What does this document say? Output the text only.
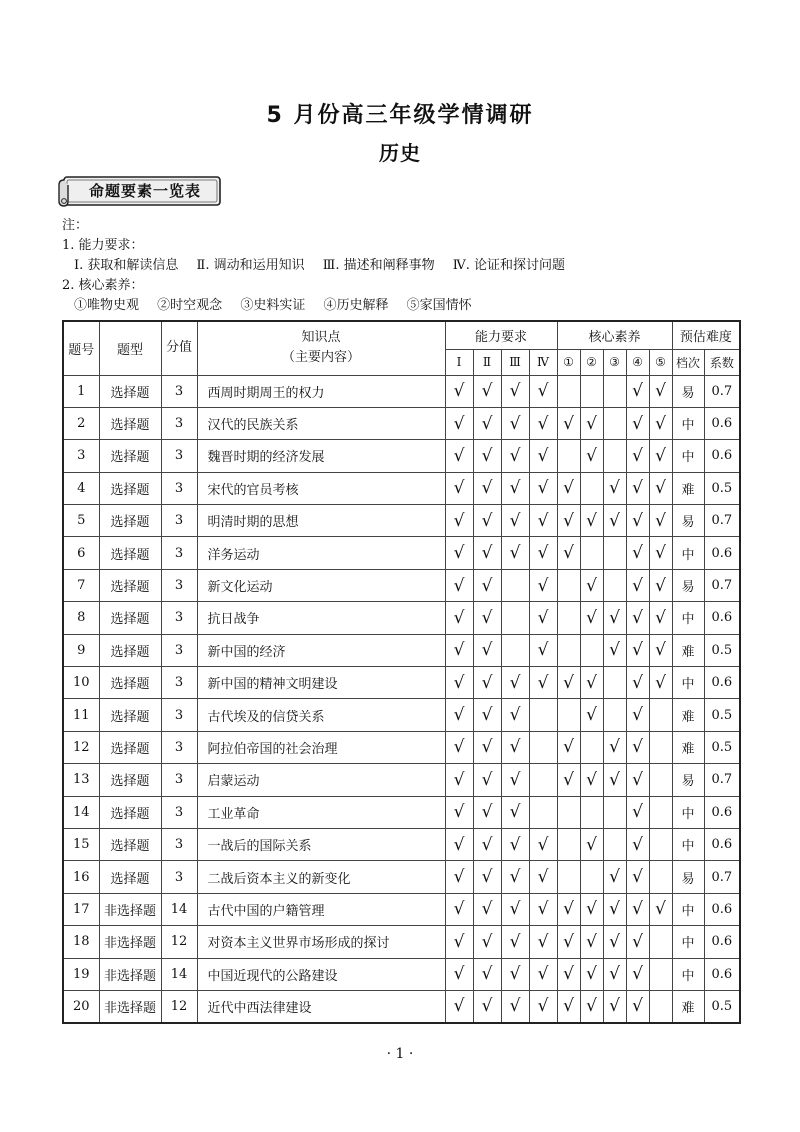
5 月份高三年级学情调研
历史
命题要素一览表
注：
1. 能力要求：
Ⅰ. 获取和解读信息 Ⅱ. 调动和运用知识 Ⅲ. 描述和阐释事物 Ⅳ. 论证和探讨问题
2. 核心素养：
①唯物史观 ②时空观念 ③史料实证 ④历史解释 ⑤家国情怀
题号	题型	分值	知识点
（主要内容）	能力要求				核心素养					预估难度	
				Ⅰ	Ⅱ	Ⅲ	Ⅳ	①	②	③	④	⑤	档次	系数
1	选择题	3	西周时期周王的权力	√	√	√	√				√	√	易	0.7
2	选择题	3	汉代的民族关系	√	√	√	√	√	√		√	√	中	0.6
3	选择题	3	魏晋时期的经济发展	√	√	√	√		√		√	√	中	0.6
4	选择题	3	宋代的官员考核	√	√	√	√	√		√	√	√	难	0.5
5	选择题	3	明清时期的思想	√	√	√	√	√	√	√	√	√	易	0.7
6	选择题	3	洋务运动	√	√	√	√	√			√	√	中	0.6
7	选择题	3	新文化运动	√	√		√		√		√	√	易	0.7
8	选择题	3	抗日战争	√	√		√		√	√	√	√	中	0.6
9	选择题	3	新中国的经济	√	√		√			√	√	√	难	0.5
10	选择题	3	新中国的精神文明建设	√	√	√	√	√	√		√	√	中	0.6
11	选择题	3	古代埃及的信贷关系	√	√	√			√		√		难	0.5
12	选择题	3	阿拉伯帝国的社会治理	√	√	√		√		√	√		难	0.5
13	选择题	3	启蒙运动	√	√	√		√	√	√	√		易	0.7
14	选择题	3	工业革命	√	√	√					√		中	0.6
15	选择题	3	一战后的国际关系	√	√	√	√		√		√		中	0.6
16	选择题	3	二战后资本主义的新变化	√	√	√	√			√	√		易	0.7
17	非选择题	14	古代中国的户籍管理	√	√	√	√	√	√	√	√	√	中	0.6
18	非选择题	12	对资本主义世界市场形成的探讨	√	√	√	√	√	√	√	√		中	0.6
19	非选择题	14	中国近现代的公路建设	√	√	√	√	√	√	√	√		中	0.6
20	非选择题	12	近代中西法律建设	√	√	√	√	√	√	√	√		难	0.5
· 1 ·
